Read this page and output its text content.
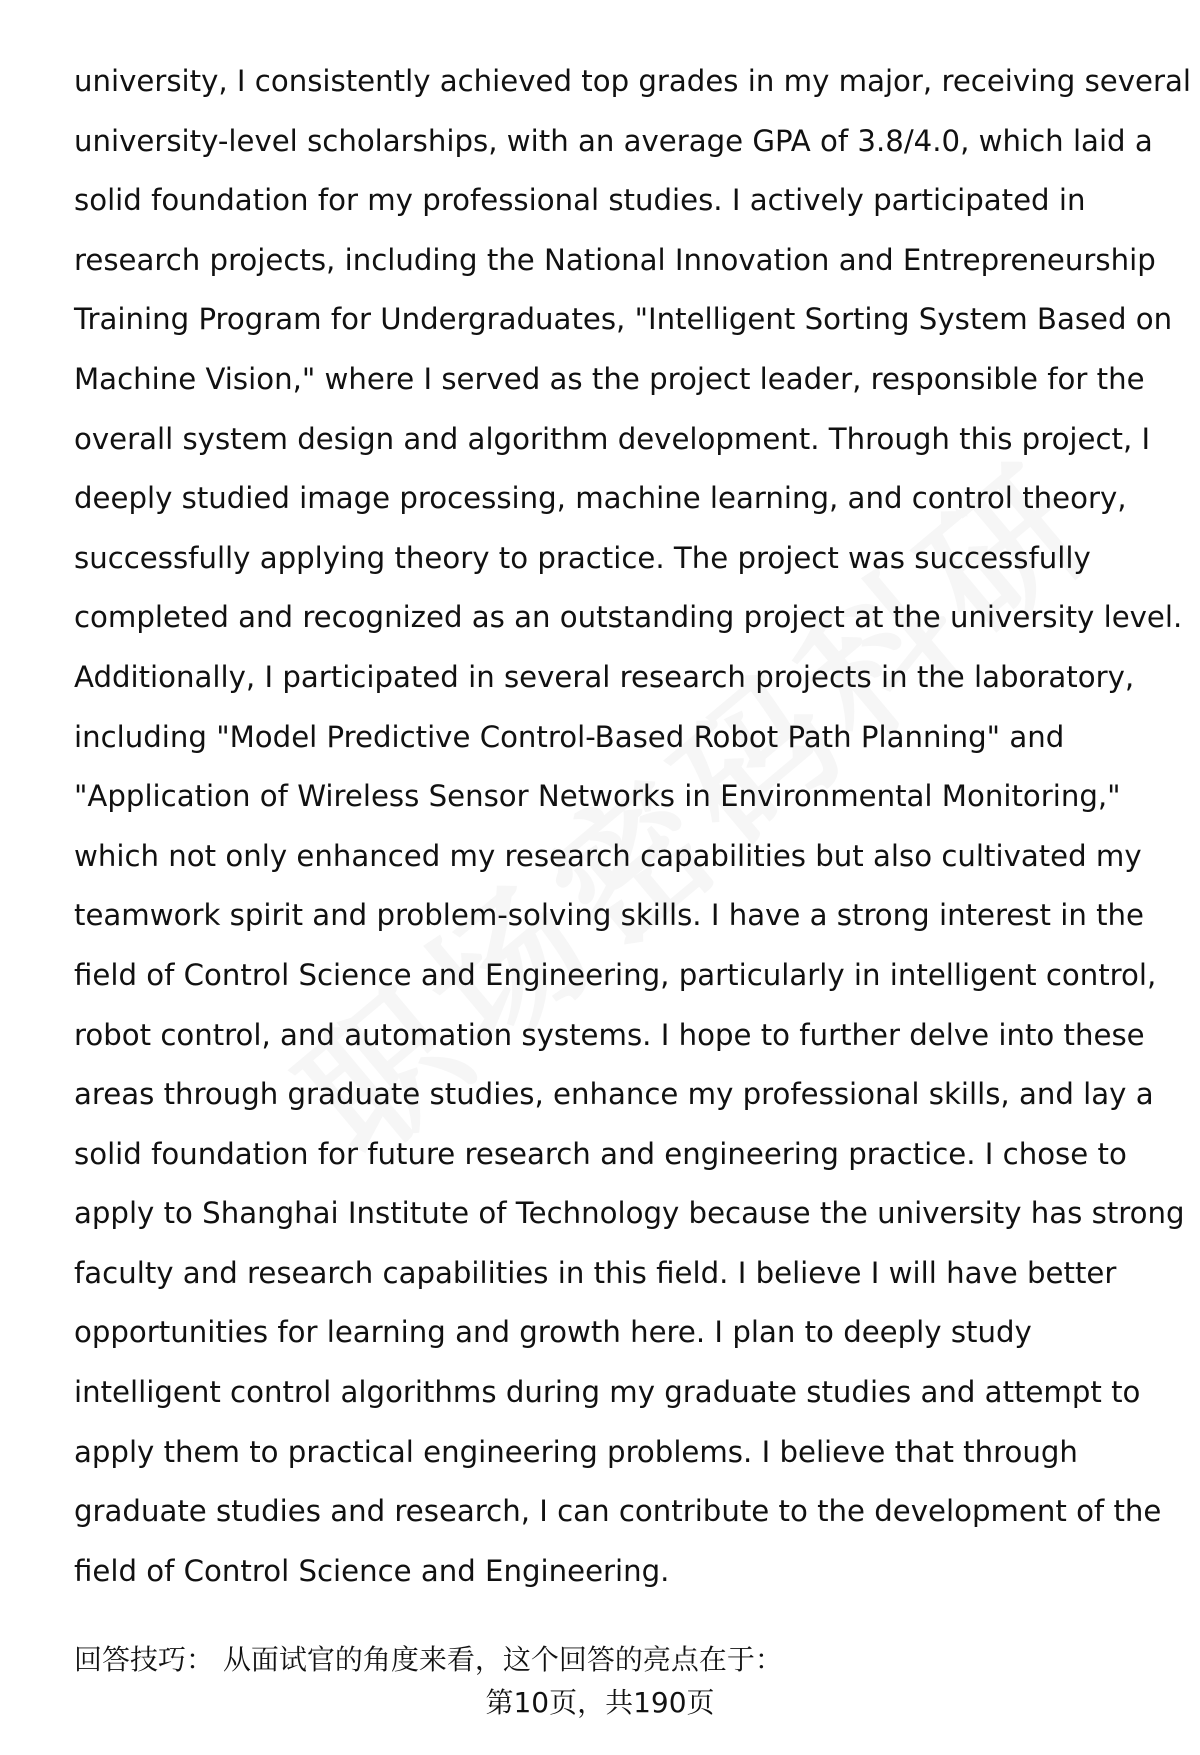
university, I consistently achieved top grades in my major, receiving several
university-level scholarships, with an average GPA of 3.8/4.0, which laid a
solid foundation for my professional studies. I actively participated in
research projects, including the National Innovation and Entrepreneurship
Training Program for Undergraduates, "Intelligent Sorting System Based on
Machine Vision," where I served as the project leader, responsible for the
overall system design and algorithm development. Through this project, I
deeply studied image processing, machine learning, and control theory,
successfully applying theory to practice. The project was successfully
completed and recognized as an outstanding project at the university level.
Additionally, I participated in several research projects in the laboratory,
including "Model Predictive Control-Based Robot Path Planning" and
"Application of Wireless Sensor Networks in Environmental Monitoring,"
which not only enhanced my research capabilities but also cultivated my
teamwork spirit and problem-solving skills. I have a strong interest in the
field of Control Science and Engineering, particularly in intelligent control,
robot control, and automation systems. I hope to further delve into these
areas through graduate studies, enhance my professional skills, and lay a
solid foundation for future research and engineering practice. I chose to
apply to Shanghai Institute of Technology because the university has strong
faculty and research capabilities in this field. I believe I will have better
opportunities for learning and growth here. I plan to deeply study
intelligent control algorithms during my graduate studies and attempt to
apply them to practical engineering problems. I believe that through
graduate studies and research, I can contribute to the development of the
field of Control Science and Engineering.

回答技巧： 从面试官的角度来看，这个回答的亮点在于：

第10页，共190页
